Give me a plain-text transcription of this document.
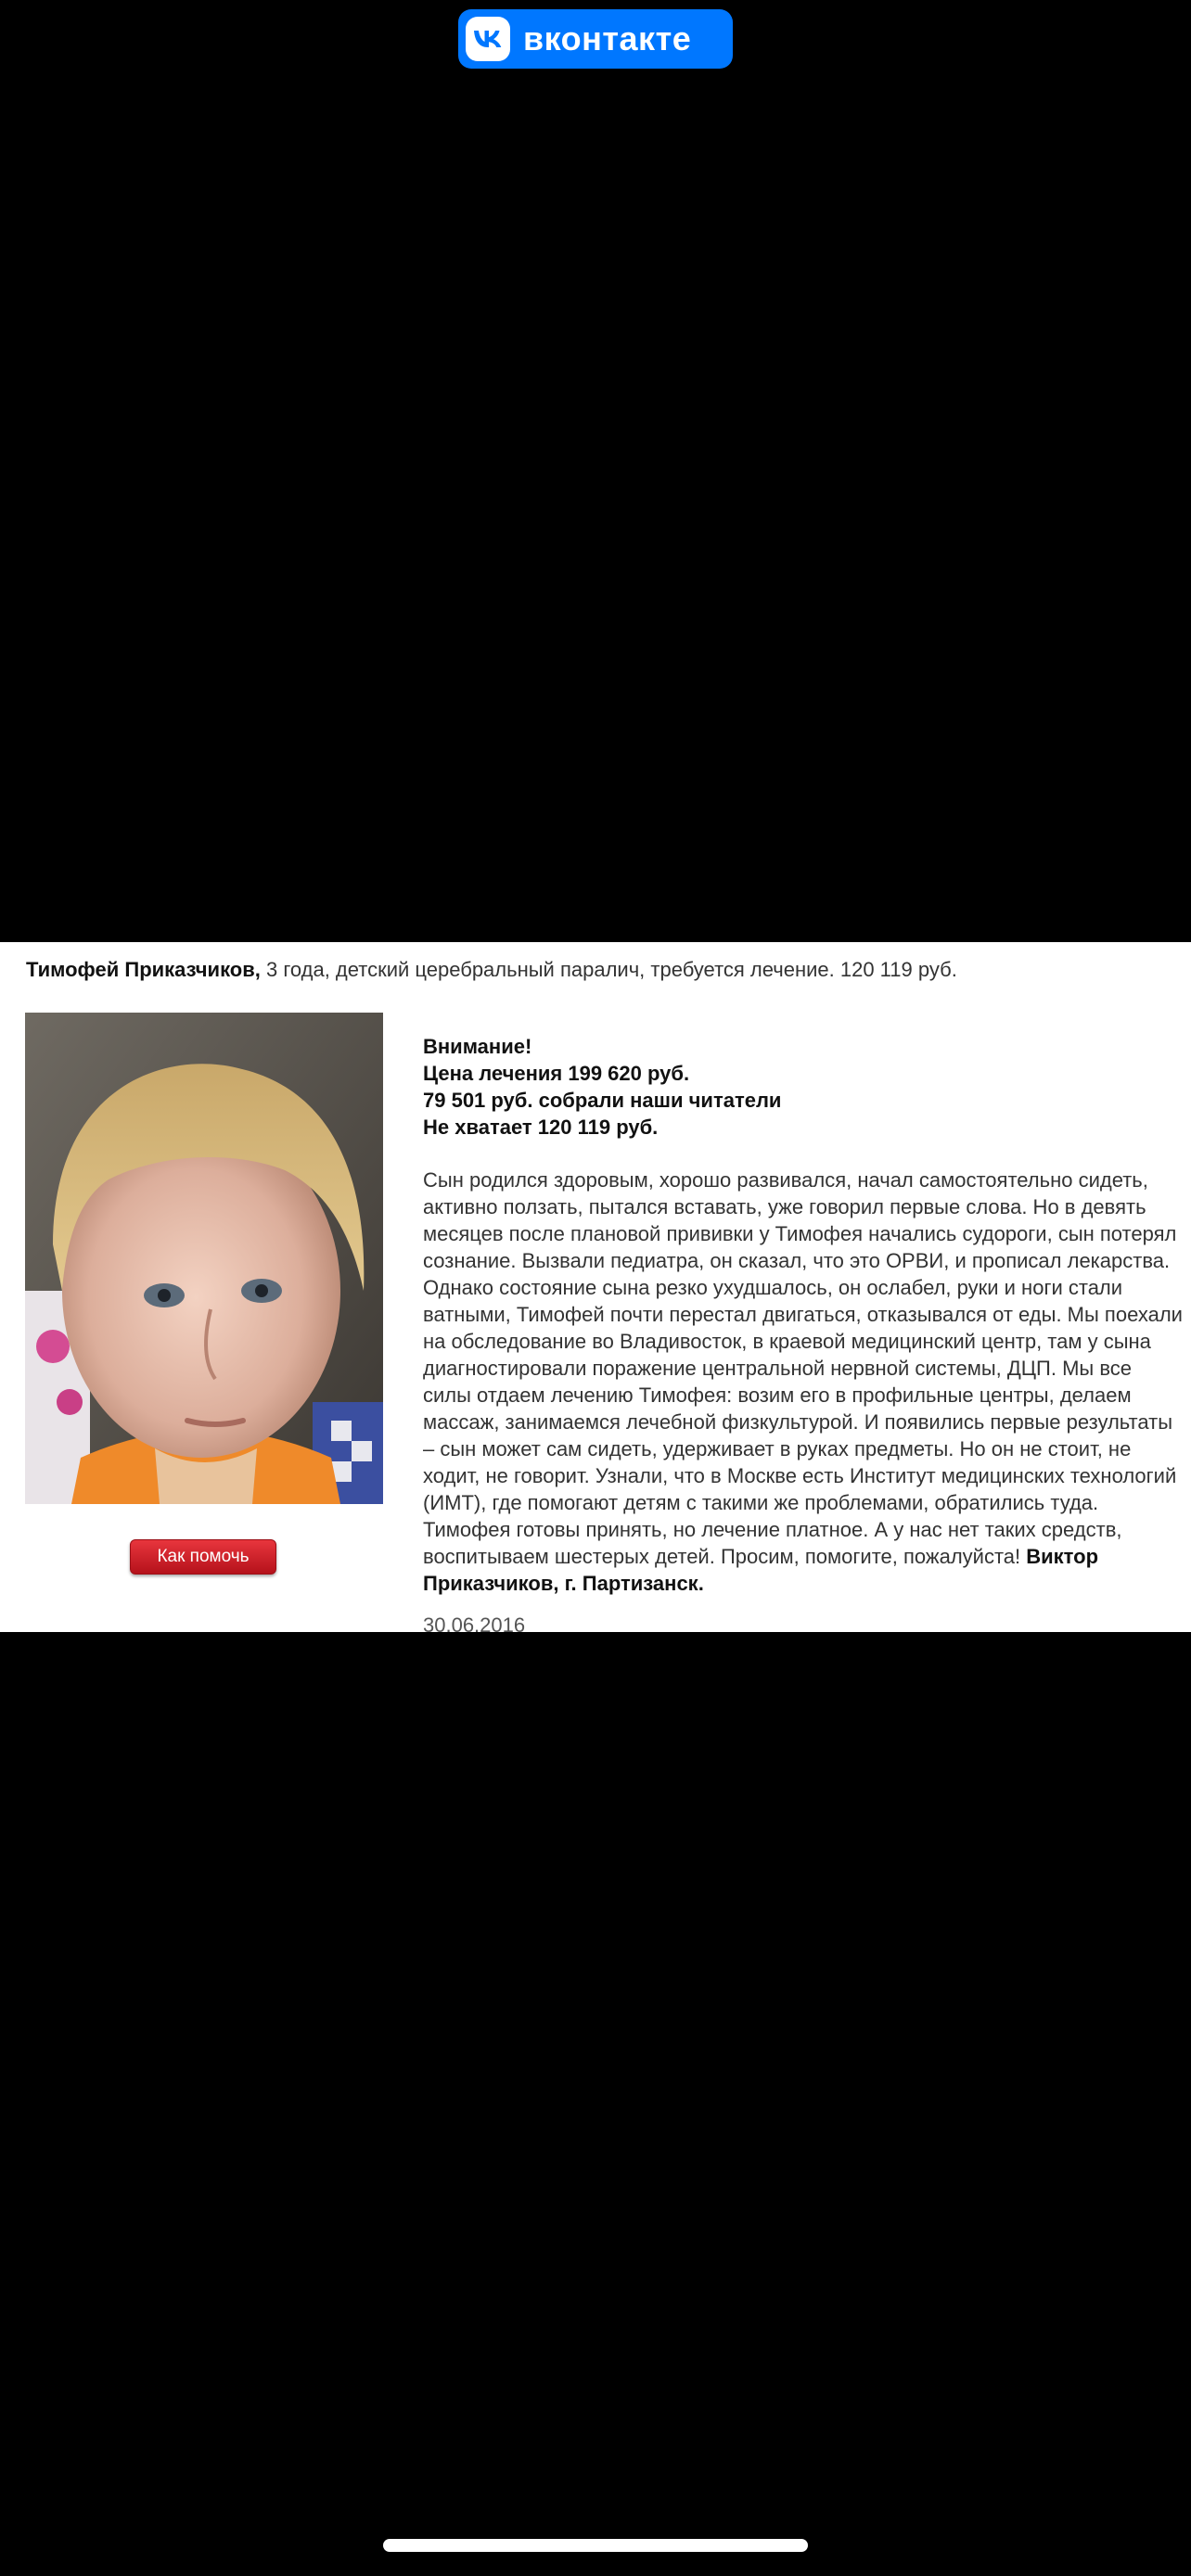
вконтакте
Тимофей Приказчиков, 3 года, детский церебральный паралич, требуется лечение. 120 119 руб.
Как помочь
Внимание!
Цена лечения 199 620 руб.
79 501 руб. собрали наши читатели
Не хватает 120 119 руб.
Сын родился здоровым, хорошо развивался, начал самостоятельно сидеть, активно ползать, пытался вставать, уже говорил первые слова. Но в девять месяцев после плановой прививки у Тимофея начались судороги, сын потерял сознание. Вызвали педиатра, он сказал, что это ОРВИ, и прописал лекарства. Однако состояние сына резко ухудшалось, он ослабел, руки и ноги стали ватными, Тимофей почти перестал двигаться, отказывался от еды. Мы поехали на обследование во Владивосток, в краевой медицинский центр, там у сына диагностировали поражение центральной нервной системы, ДЦП. Мы все силы отдаем лечению Тимофея: возим его в профильные центры, делаем массаж, занимаемся лечебной физкультурой. И появились первые результаты – сын может сам сидеть, удерживает в руках предметы. Но он не стоит, не ходит, не говорит. Узнали, что в Москве есть Институт медицинских технологий (ИМТ), где помогают детям с такими же проблемами, обратились туда. Тимофея готовы принять, но лечение платное. А у нас нет таких средств, воспитываем шестерых детей. Просим, помогите, пожалуйста! Виктор Приказчиков, г. Партизанск.
30.06.2016
